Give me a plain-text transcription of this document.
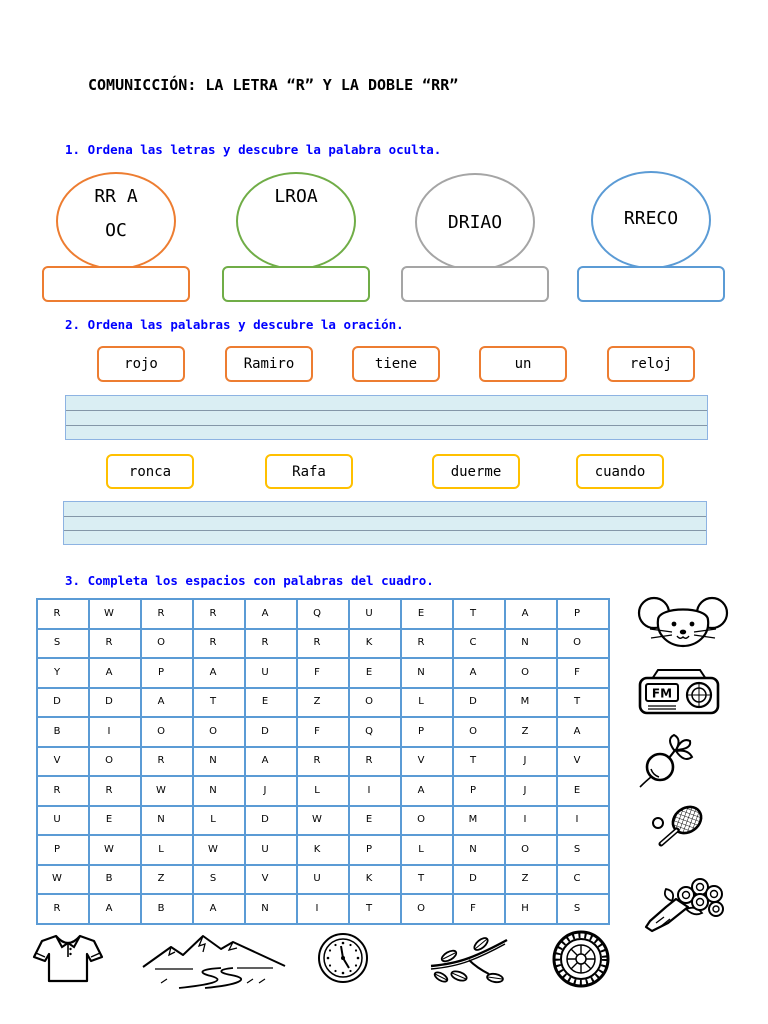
COMUNICCIÓN: LA LETRA “R” Y LA DOBLE “RR”
1. Ordena las letras y descubre la palabra oculta.
RR A
OC
LROA
DRIAO	RRECO
2. Ordena las palabras y descubre la oración.
rojo	Ramiro	tiene	un	reloj
ronca	Rafa	duerme	cuando
3. Completa los espacios con palabras del cuadro.
R	W	R	R	A	Q	U	E	T	A	P
S	R	O	R	R	R	K	R	C	N	O
Y	A	P	A	U	F	E	N	A	O	F
D	D	A	T	E	Z	O	L	D	M	T
B	I	O	O	D	F	Q	P	O	Z	A
V	O	R	N	A	R	R	V	T	J	V
R	R	W	N	J	L	I	A	P	J	E
U	E	N	L	D	W	E	O	M	I	I
P	W	L	W	U	K	P	L	N	O	S
W	B	Z	S	V	U	K	T	D	Z	C
R	A	B	A	N	I	T	O	F	H	S
FM
